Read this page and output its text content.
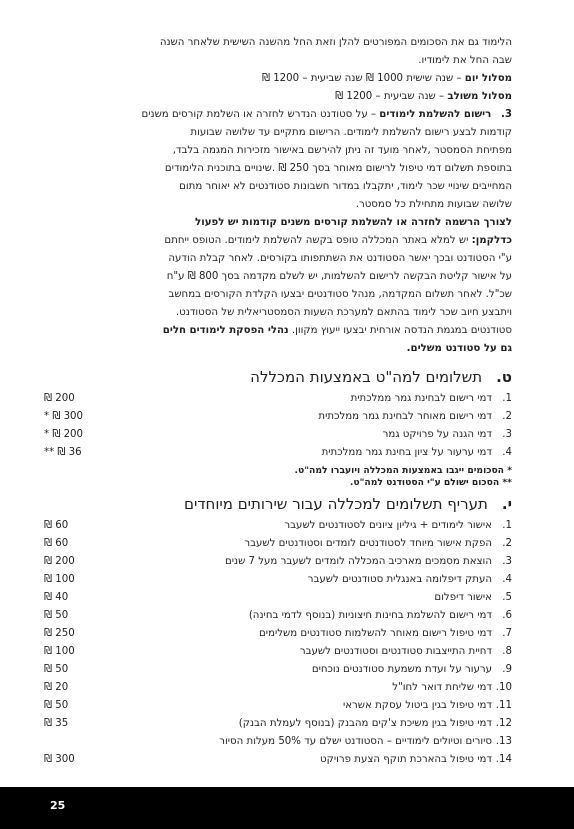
הלימוד גם את הסכומים המפורטים להלן וזאת החל מהשנה השישית שלאחר השנה
שבה החל את לימודיו.
מסלול יום – שנה שישית 1000 ₪ שנה שביעית – 1200 ₪
מסלול משולב – שנה שביעית – 1200 ₪
3.   רישום להשלמת לימודים – על סטודנט הנדרש לחזרה או השלמת קורסים משנים
קודמות לבצע רישום להשלמת לימודים. הרישום מתקיים עד שלושה שבועות
מפתיחת הסמסטר ,לאחר מועד זה ניתן להירשם באישור מזכירות המגמה בלבד,
בתוספת תשלום דמי טיפול לרישום מאוחר בסך 250 ₪ .שינויים בתוכנית הלימודים
המחייבים שינויי שכר לימוד, יתקבלו במדור חשבונות סטודנטים לא יאוחר מתום
שלושה שבועות מתחילת כל סמסטר.
לצורך הרשמה לחזרה או להשלמת קורסים משנים קודמות יש לפעול
כדלקמן: יש למלא באתר המכללה טופס בקשה להשלמת לימודים. הטופס ייחתם
ע"י הסטודנט ובכך יאשר הסטודנט את השתתפותו בקורסים. לאחר קבלת הודעה
על אישור קליטת הבקשה לרישום להשלמות, יש לשלם מקדמה בסך 800 ₪ ע"ח
שכ"ל. לאחר תשלום המקדמה, מנהל סטודנטים יבצעו הקלדת הקורסים במחשב
ויתבצע חיוב שכר לימוד בהתאם למערכת השעות הסמסטריאלית של הסטודנט.
סטודנטים במגמת הנדסה אורחית יבצעו ייעוץ מקוון. נהלי הפסקת לימודים חלים
גם על סטודנט משלים.
ט.תשלומים למה"ט באמצעות המכללה
1.
דמי רישום לבחינת גמר ממלכתית
200 ₪
2.
דמי רישום מאוחר לבחינת גמר ממלכתית
300 ₪ *
3.
דמי הגנה על פרויקט גמר
200 ₪ *
4.
דמי ערעור על ציון בחינת גמר ממלכתית
36 ₪ **
* הסכומים ייגבו באמצעות המכללה ויועברו למה"ט.
** הסכום ישולם ע"י הסטודנט למה"ט.
י.תעריף תשלומים למכללה עבור שירותים מיוחדים
1.
אישור לימודים + גיליון ציונים לסטודנטים לשעבר
60 ₪
2.
הפקת אישור מיוחד לסטודנטים לומדים וסטודנטים לשעבר
60 ₪
3.
הוצאת מסמכים מארכיב המכללה לומדים לשעבר מעל 7 שנים
200 ₪
4.
העתק דיפלומה באנגלית סטודנטים לשעבר
100 ₪
5.
אישור דיפלום
40 ₪
6.
דמי רישום להשלמת בחינות חיצוניות (בנוסף לדמי בחינה)
50 ₪
7.
דמי טיפול רישום מאוחר להשלמות סטודנטים משלימים
250 ₪
8.
דחיית התייצבות סטודנטים וסטודנטים לשעבר
100 ₪
9.
ערעור על ועדת משמעת סטודנטים נוכחים
50 ₪
10.
דמי שליחת דואר לחו"ל
20 ₪
11.
דמי טיפול בגין ביטול עסקת אשראי
50 ₪
12.
דמי טיפול בגין משיכת צ'קים מהבנק (בנוסף לעמלת הבנק)
35 ₪
13.
סיורים וטיולים לימודיים – הסטודנט ישלם עד 50% מעלות הסיור
14.
דמי טיפול בהארכת תוקף הצעת פרויקט
300 ₪
25
